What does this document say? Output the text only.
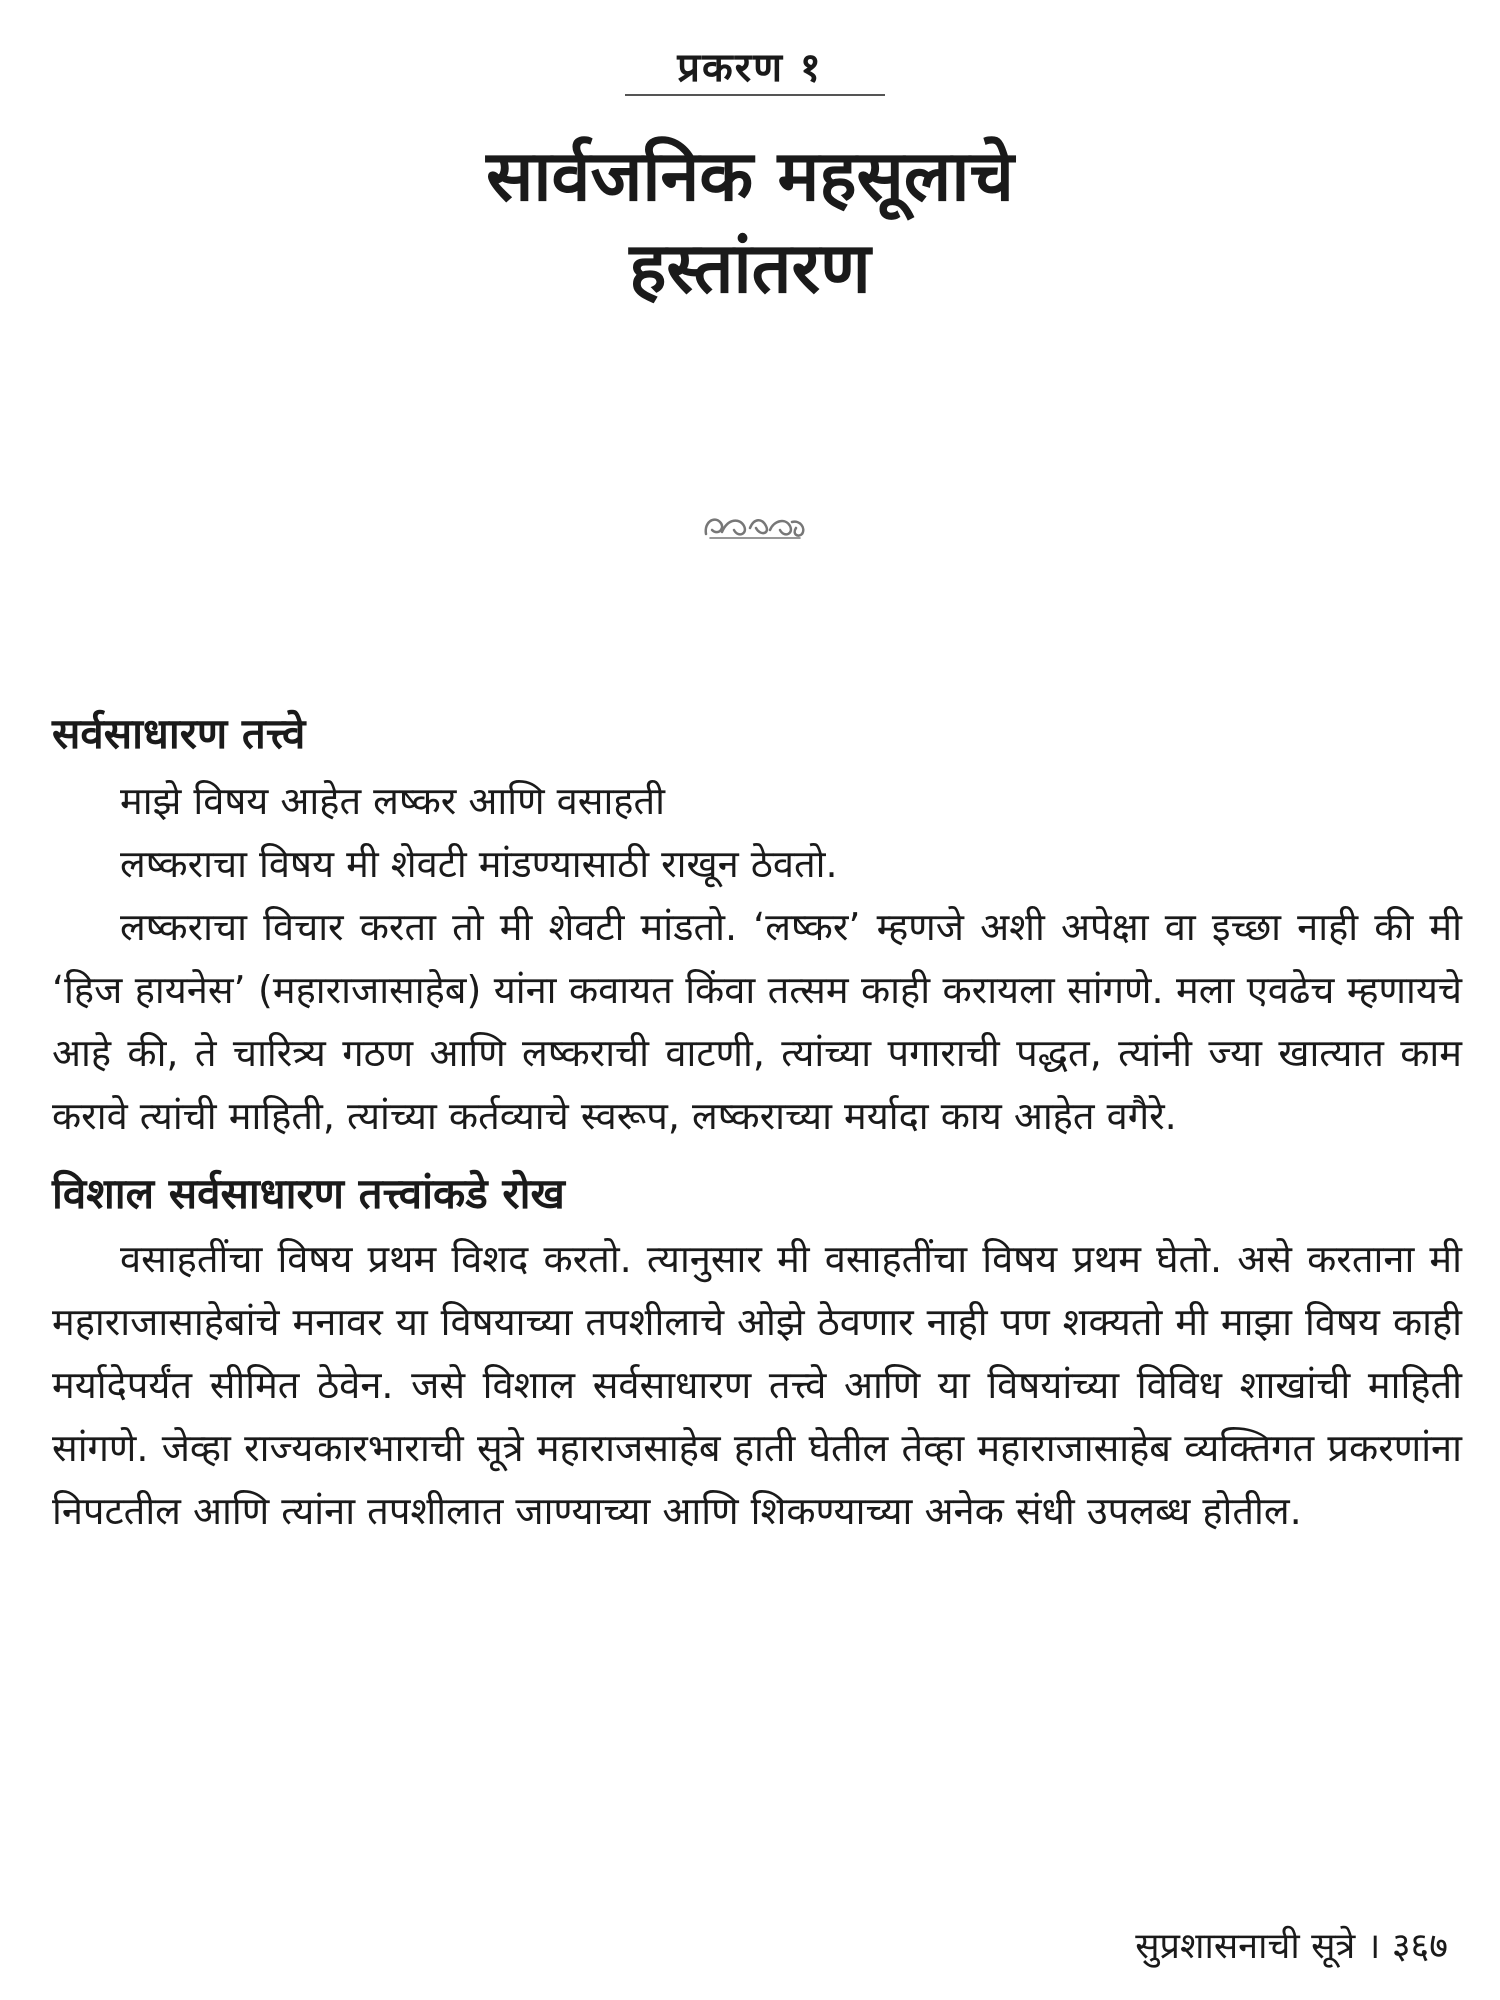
प्रकरण १
सार्वजनिक महसूलाचे
हस्तांतरण
सर्वसाधारण तत्त्वे

माझे विषय आहेत लष्कर आणि वसाहती

लष्कराचा विषय मी शेवटी मांडण्यासाठी राखून ठेवतो.

लष्कराचा विचार करता तो मी शेवटी मांडतो. ‘लष्कर’ म्हणजे अशी अपेक्षा वा इच्छा नाही की मी ‘हिज हायनेस’ (महाराजासाहेब) यांना कवायत किंवा तत्सम काही करायला सांगणे. मला एवढेच म्हणायचे आहे की, ते चारित्र्य गठण आणि लष्कराची वाटणी, त्यांच्या पगाराची पद्धत, त्यांनी ज्या खात्यात काम करावे त्यांची माहिती, त्यांच्या कर्तव्याचे स्वरूप, लष्कराच्या मर्यादा काय आहेत वगैरे.

विशाल सर्वसाधारण तत्त्वांकडे रोख

वसाहतींचा विषय प्रथम विशद करतो. त्यानुसार मी वसाहतींचा विषय प्रथम घेतो. असे करताना मी महाराजासाहेबांचे मनावर या विषयाच्या तपशीलाचे ओझे ठेवणार नाही पण शक्यतो मी माझा विषय काही मर्यादेपर्यंत सीमित ठेवेन. जसे विशाल सर्वसाधारण तत्त्वे आणि या विषयांच्या विविध शाखांची माहिती सांगणे. जेव्हा राज्यकारभाराची सूत्रे महाराजसाहेब हाती घेतील तेव्हा महाराजासाहेब व्यक्तिगत प्रकरणांना निपटतील आणि त्यांना तपशीलात जाण्याच्या आणि शिकण्याच्या अनेक संधी उपलब्ध होतील.

सुप्रशासनाची सूत्रे । ३६७
